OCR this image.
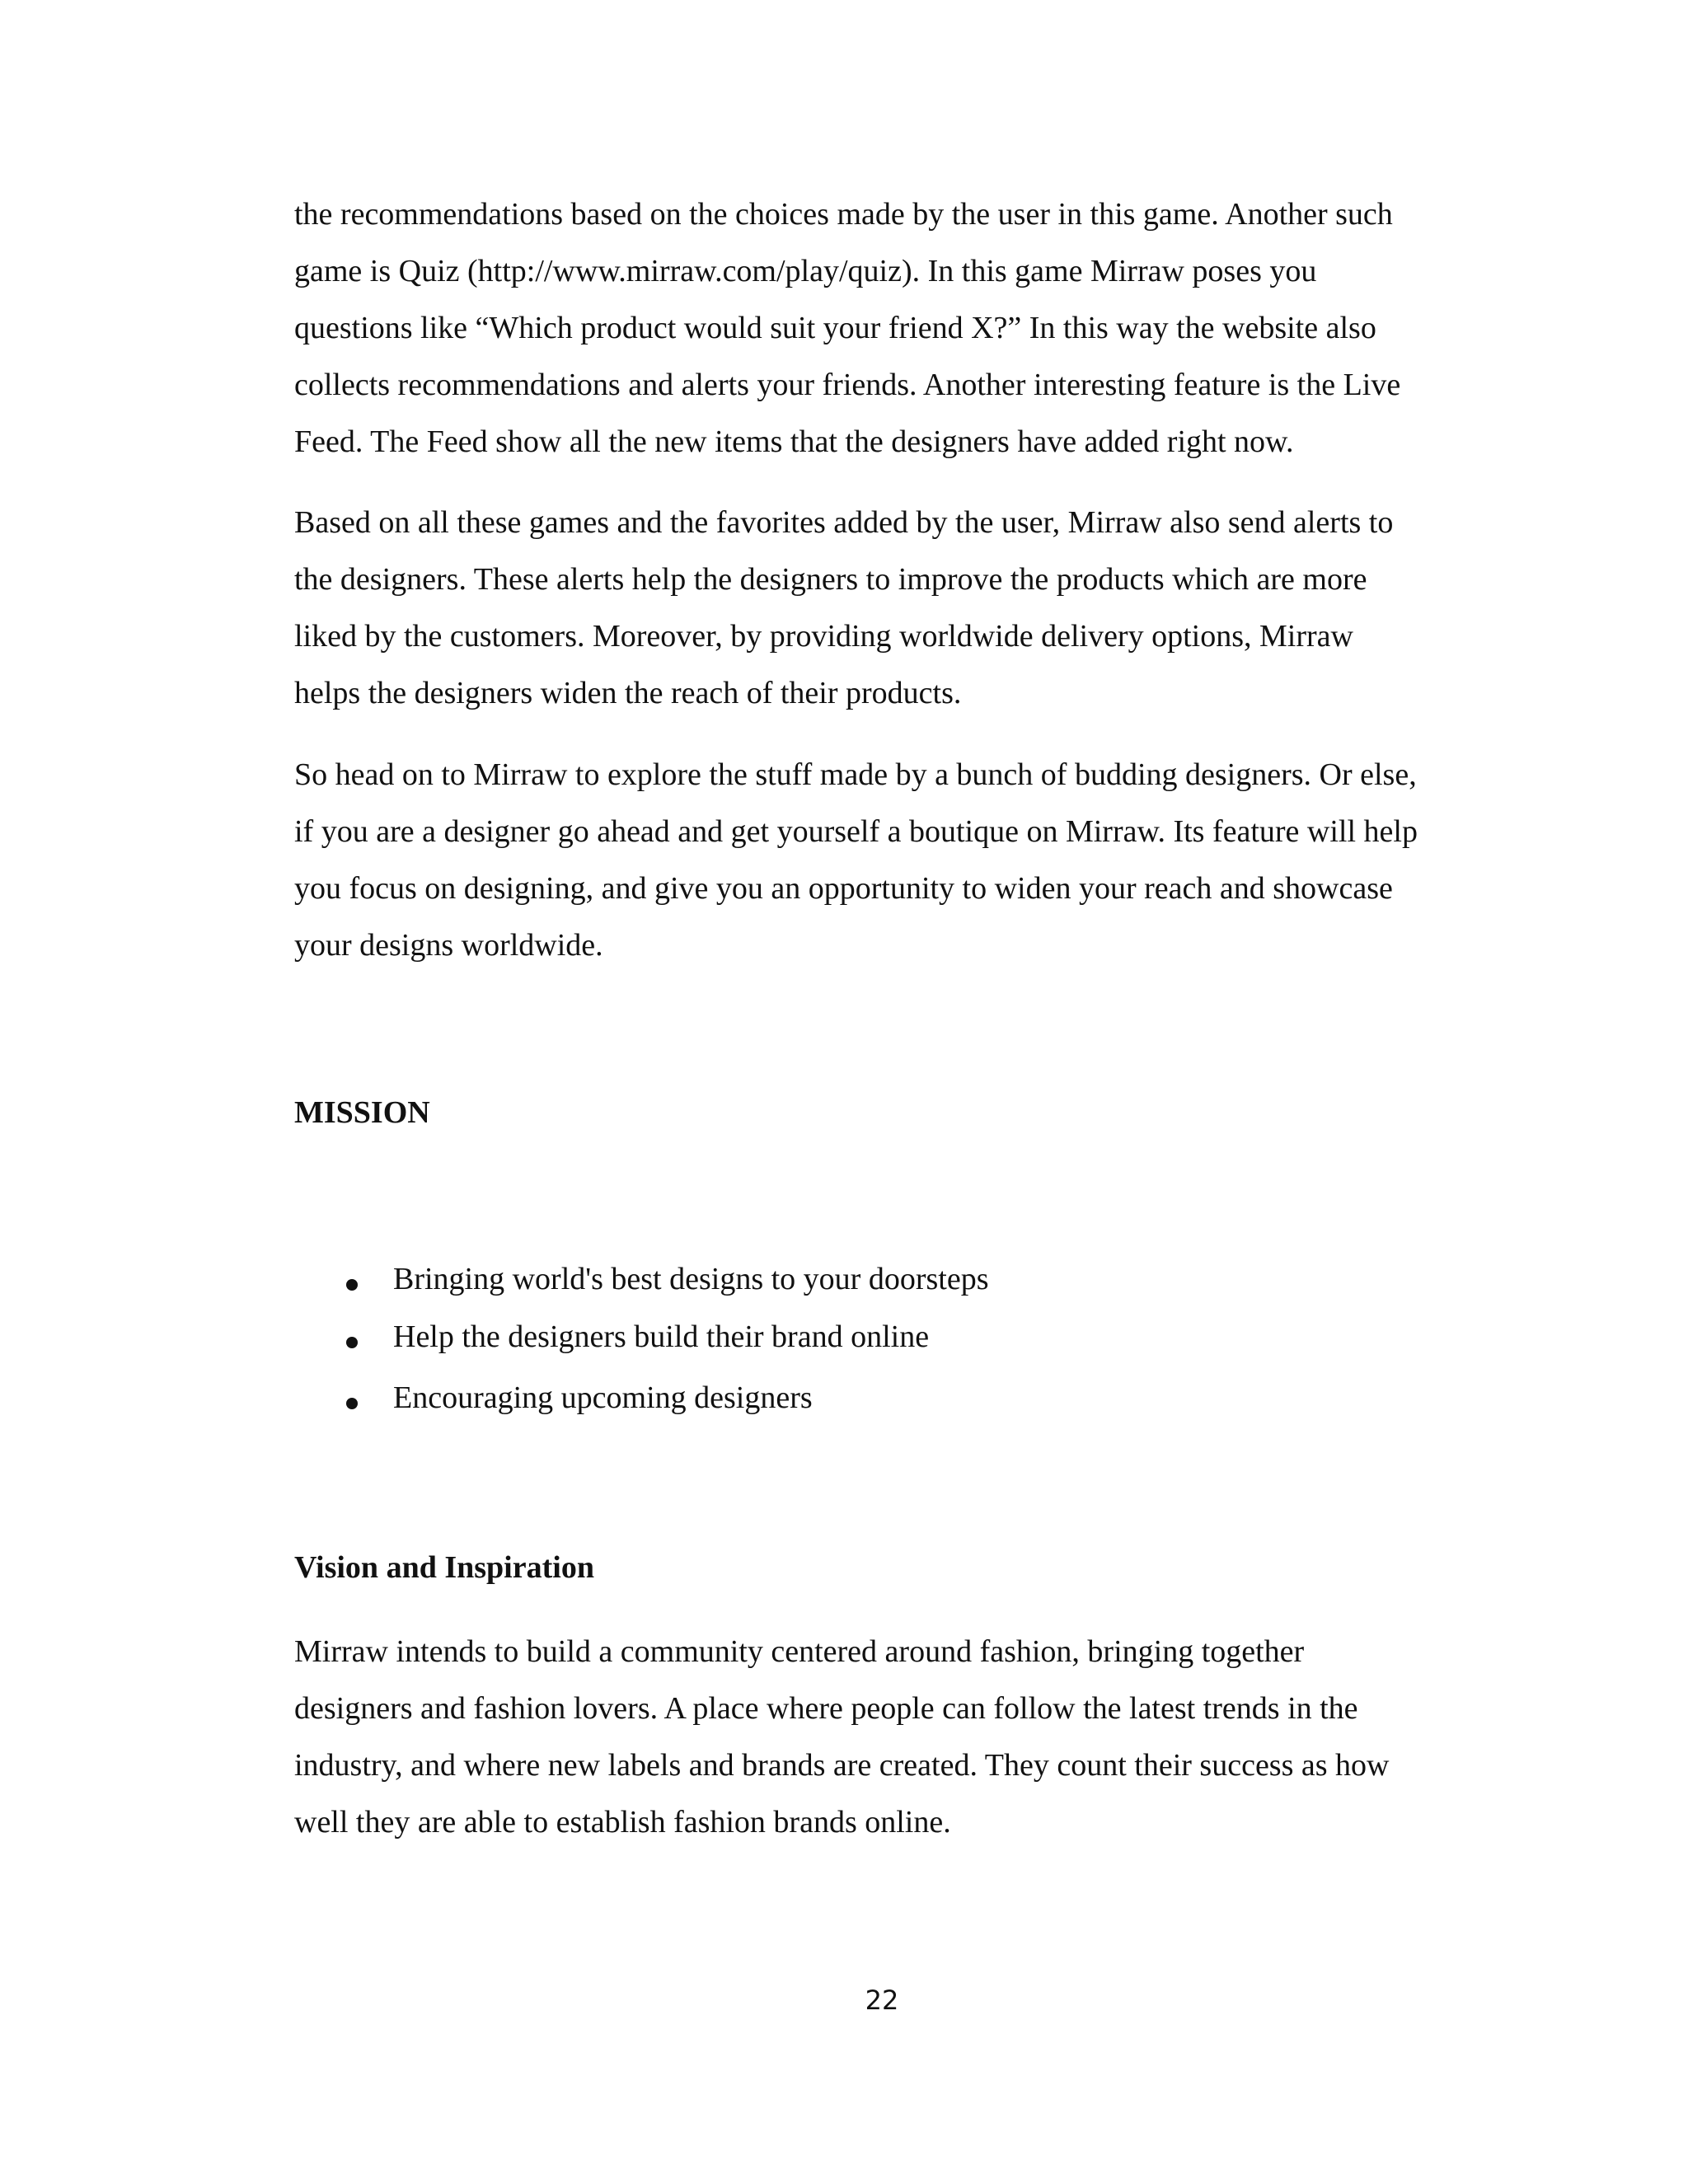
the recommendations based on the choices made by the user in this game. Another such
game is Quiz (http://www.mirraw.com/play/quiz). In this game Mirraw poses you
questions like “Which product would suit your friend X?” In this way the website also
collects recommendations and alerts your friends. Another interesting feature is the Live
Feed. The Feed show all the new items that the designers have added right now.
Based on all these games and the favorites added by the user, Mirraw also send alerts to
the designers. These alerts help the designers to improve the products which are more
liked by the customers. Moreover, by providing worldwide delivery options, Mirraw
helps the designers widen the reach of their products.
So head on to Mirraw to explore the stuff made by a bunch of budding designers. Or else,
if you are a designer go ahead and get yourself a boutique on Mirraw. Its feature will help
you focus on designing, and give you an opportunity to widen your reach and showcase
your designs worldwide.
MISSION
Bringing world's best designs to your doorsteps
Help the designers build their brand online
Encouraging upcoming designers
Vision and Inspiration
Mirraw intends to build a community centered around fashion, bringing together
designers and fashion lovers. A place where people can follow the latest trends in the
industry, and where new labels and brands are created. They count their success as how
well they are able to establish fashion brands online.
22
